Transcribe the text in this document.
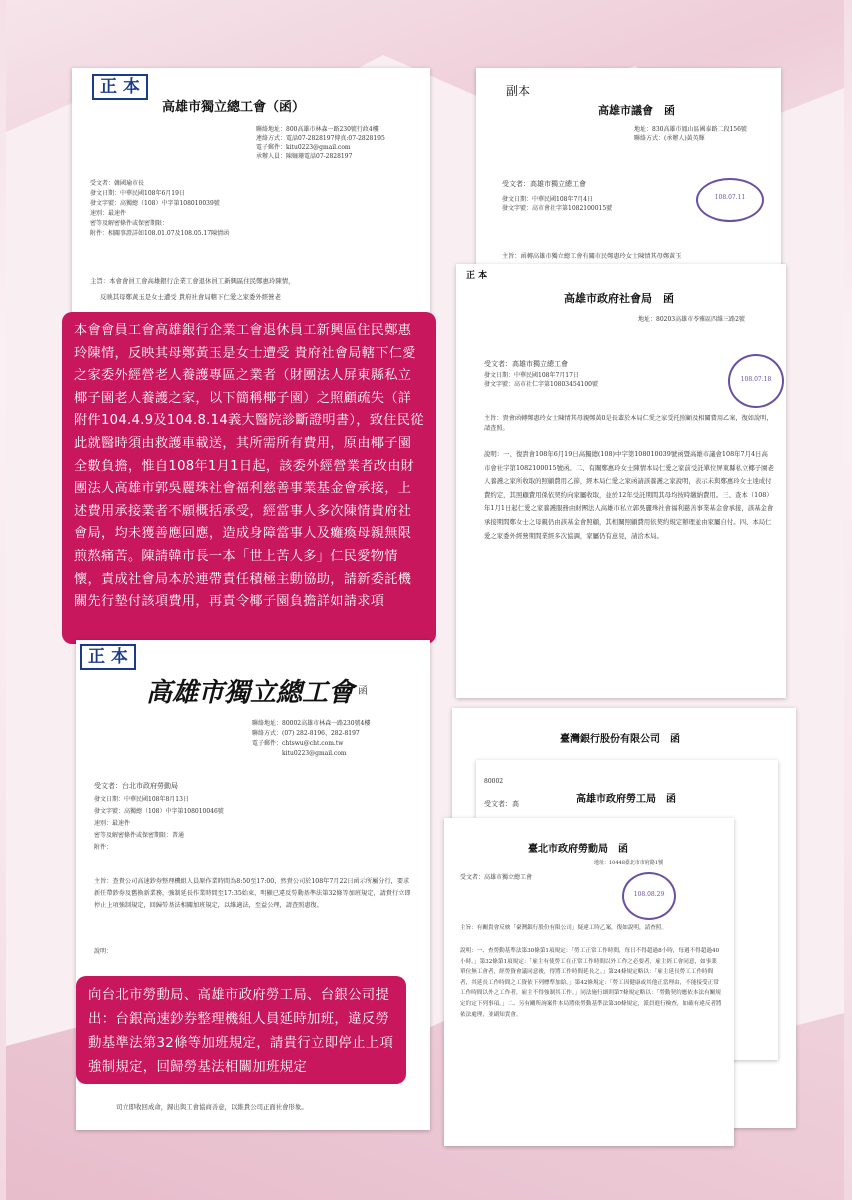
正 本
高雄市獨立總工會（函）
聯絡地址：800高雄市林森一路230號行政4樓
連絡方式：電話07-2828197傳真:07-2828195
電子郵件：kitu0223@gmail.com
承辦人員：陳姍珊電話07-2828197
受文者：韓國瑜市長
發文日期：中華民國108年6月19日
發文字號：高獨總（108）中字第108010039號
速別：最速件
密等及解密條件或保密期限：
附件：相關事證詳如108.01.07及108.05.17陳情函
主旨：本會會員工會高雄銀行企業工會退休員工新興區住民鄭惠玲陳情，
反映其母鄭黃玉是女士遭受 貴府社會局轄下仁愛之家委外經營老
副本
高雄市議會　函
地址：830高雄市鳳山區國泰路二段156號
聯絡方式：(承辦人)黃英輝
受文者：高雄市獨立總工會
發文日期：中華民國108年7月4日
發文字號：高市會社字第1082100015號
主旨：函轉高雄市獨立總工會有關市民鄭惠玲女士陳情其母鄭黃玉
108.07.11
正 本
高雄市政府社會局　函
地址：80203高雄市苓雅區四維三路2號
受文者：高雄市獨立總工會
發文日期：中華民國108年7月17日
發文字號：高市社仁字第10803454100號
108.07.18
主旨：貴會函轉鄭惠玲女士陳情其母親鄭黃0是長輩於本局仁愛之家受托照顧及相關費用乙案，復如說明，請查照。
說明：一、復貴會108年6月19日高獨總(108)中字第108010039號函暨高雄市議會108年7月4日高市會社字第1082100015號函。二、有關鄭惠玲女士陳情本局仁愛之家前受託單位屏東縣私立椰子園老人養護之家所收取的照顧費用乙節，經本局仁愛之家函請該養護之家說明，表示未與鄭惠玲女士達成付費約定，其照顧費用係依契約向家屬收取，並於12年受託期間其母均按時繳納費用。三、查本（108）年1月1日起仁愛之家養護服務由財團法人高雄市私立郭吳麗珠社會福利慈善事業基金會承接，該基金會承接期間鄭女士之母親仍由該基金會照顧，其相關照顧費用依契約規定辦理並由家屬自付。四、本局仁愛之家委外經營期間業經多次協調，家屬仍有意見，請洽本局。
本會會員工會高雄銀行企業工會退休員工新興區住民鄭惠玲陳情，反映其母鄭黃玉是女士遭受 貴府社會局轄下仁愛之家委外經營老人養護專區之業者（財團法人屏東縣私立椰子園老人養護之家，以下簡稱椰子園）之照顧疏失（詳附件104.4.9及104.8.14義大醫院診斷證明書），致住民從此就醫時須由救護車載送，其所需所有費用，原由椰子園全數負擔，惟自108年1月1日起，該委外經營業者改由財團法人高雄市郭吳麗珠社會福利慈善事業基金會承接，上述費用承接業者不願概括承受，經當事人多次陳情貴府社會局，均未獲善應回應，造成身障當事人及癱瘓母親無限煎熬痛苦。陳請韓市長一本「世上苦人多」仁民愛物情懷，責成社會局本於連帶責任積極主動協助，請新委託機關先行墊付該項費用，再責令椰子園負擔詳如請求項
正 本
高雄市獨立總工會 函
聯絡地址：80002高雄市林森一路230號4樓
聯絡方式：(07) 282-8196、282-8197
電子郵件：chtswu@cht.com.tw
kitu0223@gmail.com
受文者：台北市政府勞動局
發文日期：中華民國108年8月13日
發文字號：高獨總（108）中字第108010046號
速別：最速件
密等及解密條件或保密期限：普通
附件：
主旨：查貴公司高速鈔券整理機組人員原作業時間為8:50至17:00，然貴公司於108年7月22日函示所屬分行，要求新任帶鈔券及舊換新業務，強制延長作業時間至17:35始束，明顯已違反勞動基準法第32條等加班規定，請貴行立即停止上項強制規定，回歸勞基法相關加班規定，以維適法，至益公理，請查照惠復。
說明：
司立即收回成命，歸出與工會協商善意，以維貴公司正面社會形象。
向台北市勞動局、高雄市政府勞工局、台銀公司提出：台銀高速鈔券整理機組人員延時加班，違反勞動基準法第32條等加班規定，請貴行立即停止上項強制規定，回歸勞基法相關加班規定
臺灣銀行股份有限公司　函
高雄市政府勞工局　函
80002
受文者：高
臺北市政府勞動局　函
地址：10448臺北市市府路1號
受文者：高雄市獨立總工會
108.08.29
主旨：有關貴會反映「臺灣銀行股份有限公司」疑違工時乙案，復如說明，請查照。
說明：一、查勞動基準法第30條第1項規定：「勞工正常工作時間，每日不得超過8小時，每週不得超過40小時。」第32條第1項規定：「雇主有使勞工在正常工作時間以外工作之必要者，雇主經工會同意，如事業單位無工會者，經勞資會議同意後，得將工作時間延長之。」第24條規定略以：「雇主延長勞工工作時間者，其延長工作時間之工資依下列標準加給。」第42條規定：「勞工因健康或其他正當理由，不能接受正常工作時間以外之工作者，雇主不得強制其工作。」同法施行細則第7條規定略以：「勞動契約應依本法有關規定約定下列事項。」二、另有關所詢案件本局將依勞動基準法第30條規定，派員進行檢查，如確有違反者將依法處理，並副知貴會。
